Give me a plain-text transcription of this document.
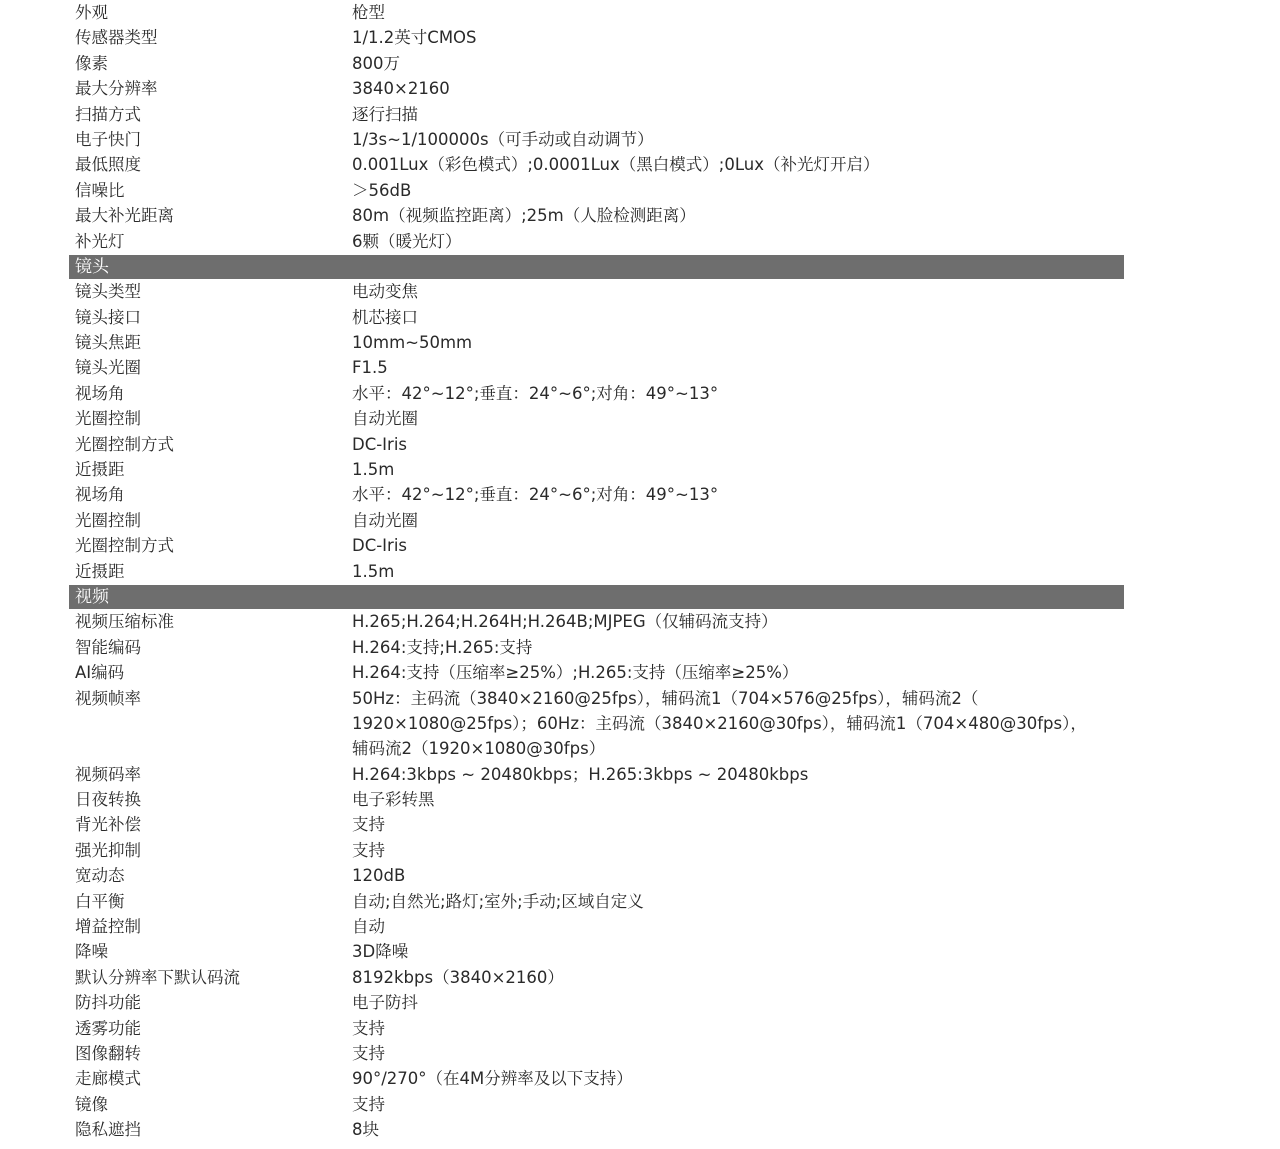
外观	枪型
传感器类型	1/1.2英寸CMOS
像素	800万
最大分辨率	3840×2160
扫描方式	逐行扫描
电子快门	1/3s~1/100000s（可手动或自动调节）
最低照度	0.001Lux（彩色模式）;0.0001Lux（黑白模式）;0Lux（补光灯开启）
信噪比	＞56dB
最大补光距离	80m（视频监控距离）;25m（人脸检测距离）
补光灯	6颗（暖光灯）
镜头
镜头类型	电动变焦
镜头接口	机芯接口
镜头焦距	10mm~50mm
镜头光圈	F1.5
视场角	水平：42°~12°;垂直：24°~6°;对角：49°~13°
光圈控制	自动光圈
光圈控制方式	DC-Iris
近摄距	1.5m
视场角	水平：42°~12°;垂直：24°~6°;对角：49°~13°
光圈控制	自动光圈
光圈控制方式	DC-Iris
近摄距	1.5m
视频
视频压缩标准	H.265;H.264;H.264H;H.264B;MJPEG（仅辅码流支持）
智能编码	H.264:支持;H.265:支持
AI编码	H.264:支持（压缩率≥25%）;H.265:支持（压缩率≥25%）
视频帧率	50Hz：主码流（3840×2160@25fps），辅码流1（704×576@25fps），辅码流2（
1920×1080@25fps）；60Hz：主码流（3840×2160@30fps），辅码流1（704×480@30fps），
辅码流2（1920×1080@30fps）
视频码率	H.264:3kbps ~ 20480kbps；H.265:3kbps ~ 20480kbps
日夜转换	电子彩转黑
背光补偿	支持
强光抑制	支持
宽动态	120dB
白平衡	自动;自然光;路灯;室外;手动;区域自定义
增益控制	自动
降噪	3D降噪
默认分辨率下默认码流	8192kbps（3840×2160）
防抖功能	电子防抖
透雾功能	支持
图像翻转	支持
走廊模式	90°/270°（在4M分辨率及以下支持）
镜像	支持
隐私遮挡	8块
